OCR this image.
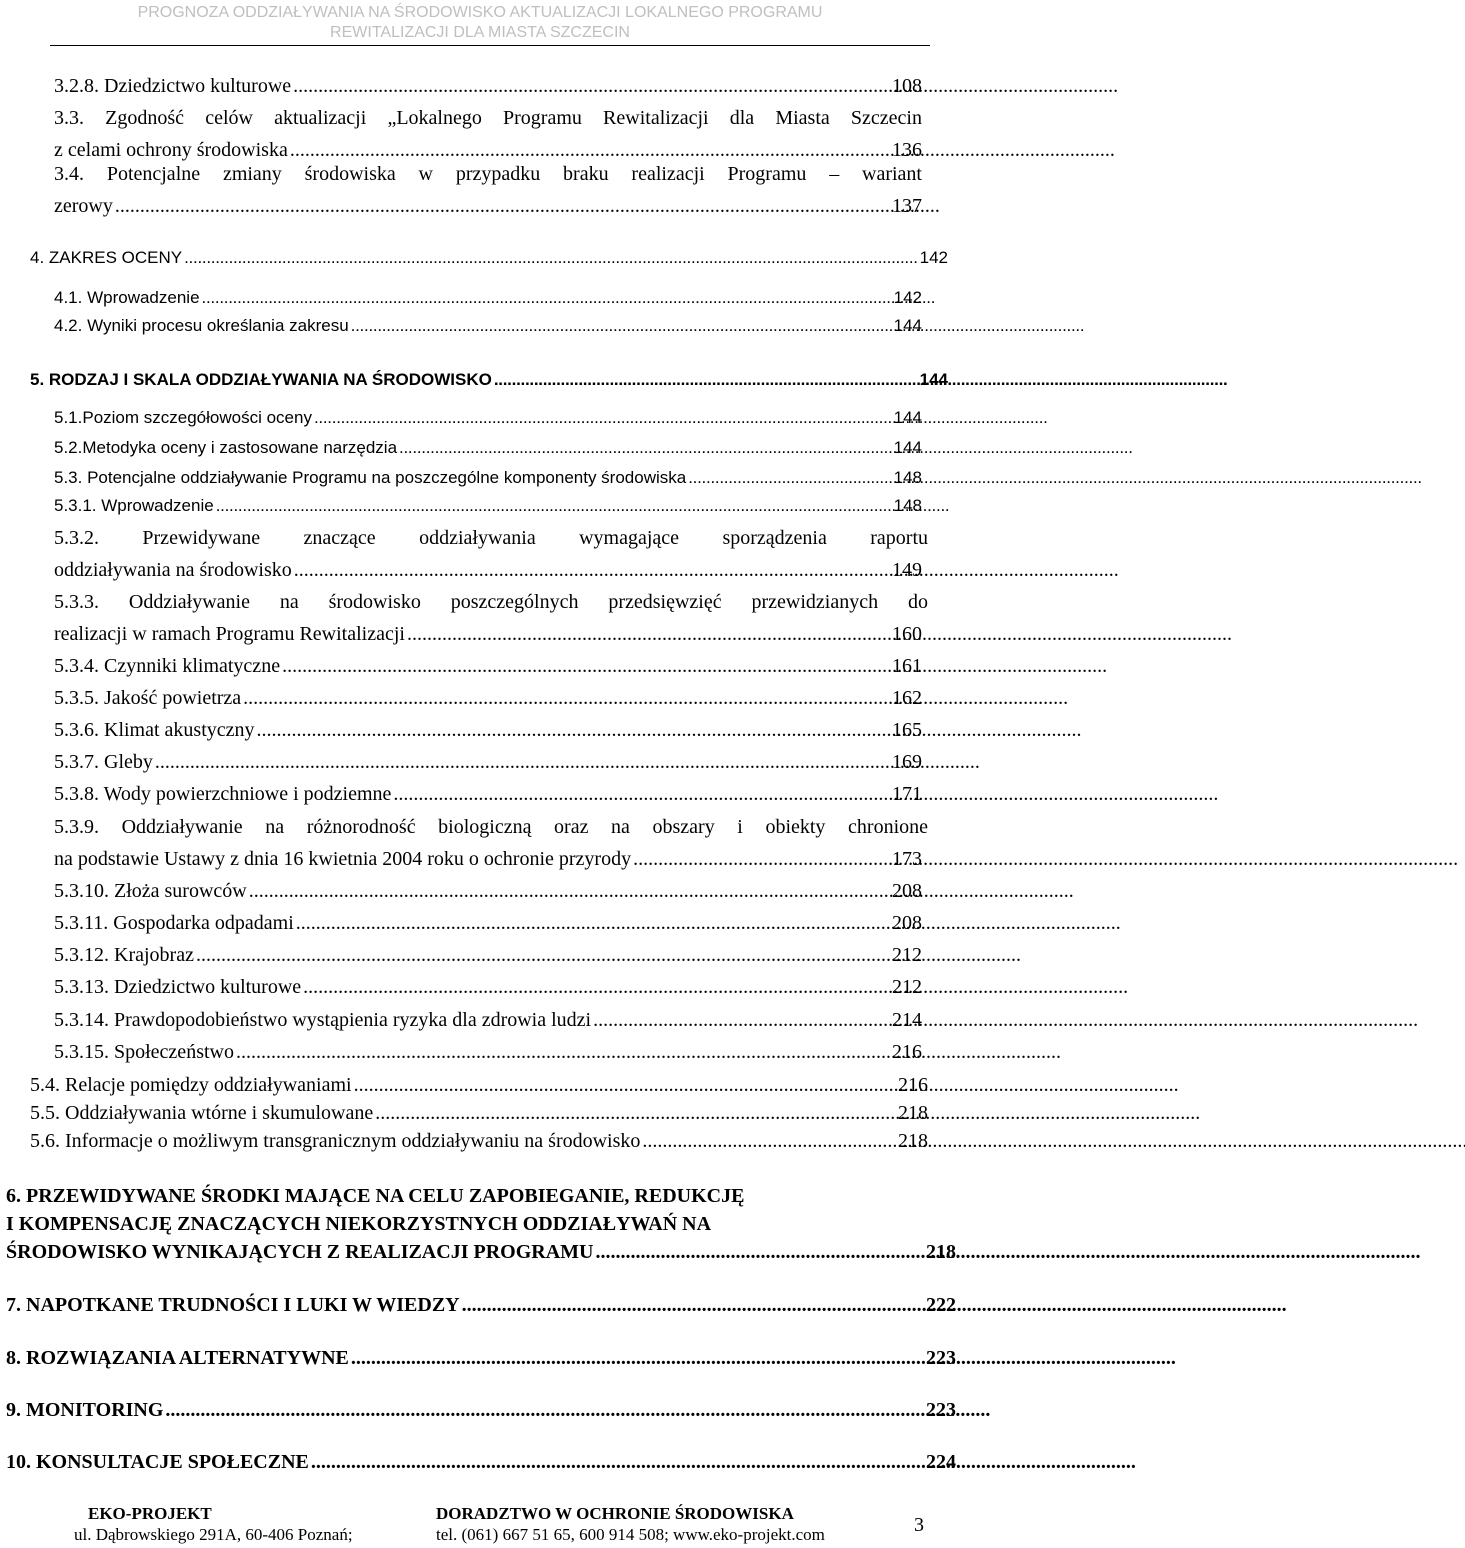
PROGNOZA ODDZIAŁYWANIA NA ŚRODOWISKO AKTUALIZACJI LOKALNEGO PROGRAMU
REWITALIZACJI DLA MIASTA SZCZECIN
3.2.8. Dziedzictwo kulturowe . . .	108
3.3. Zgodność celów aktualizacji „Lokalnego Programu Rewitalizacji dla Miasta Szczecin
z celami ochrony środowiska . . .	136
3.4. Potencjalne zmiany środowiska w przypadku braku realizacji Programu – wariant
zerowy . . .	137
4. ZAKRES OCENY . . .	142
4.1. Wprowadzenie . . .	142
4.2. Wyniki procesu określania zakresu . . .	144
5. RODZAJ I SKALA ODDZIAŁYWANIA NA ŚRODOWISKO . . .	144
5.1.Poziom szczegółowości oceny . . .	144
5.2.Metodyka oceny i zastosowane narzędzia . . .	144
5.3. Potencjalne oddziaływanie Programu na poszczególne komponenty środowiska . . .	148
5.3.1. Wprowadzenie . . .	148
5.3.2. Przewidywane znaczące oddziaływania wymagające sporządzenia raportu
oddziaływania na środowisko . . .	149
5.3.3. Oddziaływanie na środowisko poszczególnych przedsięwzięć przewidzianych do
realizacji w ramach Programu Rewitalizacji . . .	160
5.3.4. Czynniki klimatyczne . . .	161
5.3.5. Jakość powietrza . . .	162
5.3.6. Klimat akustyczny . . .	165
5.3.7. Gleby . . .	169
5.3.8. Wody powierzchniowe i podziemne . . .	171
5.3.9. Oddziaływanie na różnorodność biologiczną oraz na obszary i obiekty chronione
na podstawie Ustawy z dnia 16 kwietnia 2004 roku o ochronie przyrody . . .	173
5.3.10. Złoża surowców . . .	208
5.3.11. Gospodarka odpadami . . .	208
5.3.12. Krajobraz . . .	212
5.3.13. Dziedzictwo kulturowe . . .	212
5.3.14. Prawdopodobieństwo wystąpienia ryzyka dla zdrowia ludzi . . .	214
5.3.15. Społeczeństwo . . .	216
5.4. Relacje pomiędzy oddziaływaniami . . .	216
5.5. Oddziaływania wtórne i skumulowane . . .	218
5.6. Informacje o możliwym transgranicznym oddziaływaniu na środowisko . . .	218
6. PRZEWIDYWANE ŚRODKI MAJĄCE NA CELU ZAPOBIEGANIE, REDUKCJĘ
I KOMPENSACJĘ ZNACZĄCYCH NIEKORZYSTNYCH ODDZIAŁYWAŃ NA
ŚRODOWISKO WYNIKAJĄCYCH Z REALIZACJI PROGRAMU . . .	218
7. NAPOTKANE TRUDNOŚCI I LUKI W WIEDZY . . .	222
8. ROZWIĄZANIA ALTERNATYWNE . . .	223
9. MONITORING . . .	223
10. KONSULTACJE SPOŁECZNE . . .	224
EKO-PROJEKT
ul. Dąbrowskiego 291A, 60-406 Poznań;
DORADZTWO W OCHRONIE ŚRODOWISKA
tel. (061) 667 51 65, 600 914 508; www.eko-projekt.com	3
